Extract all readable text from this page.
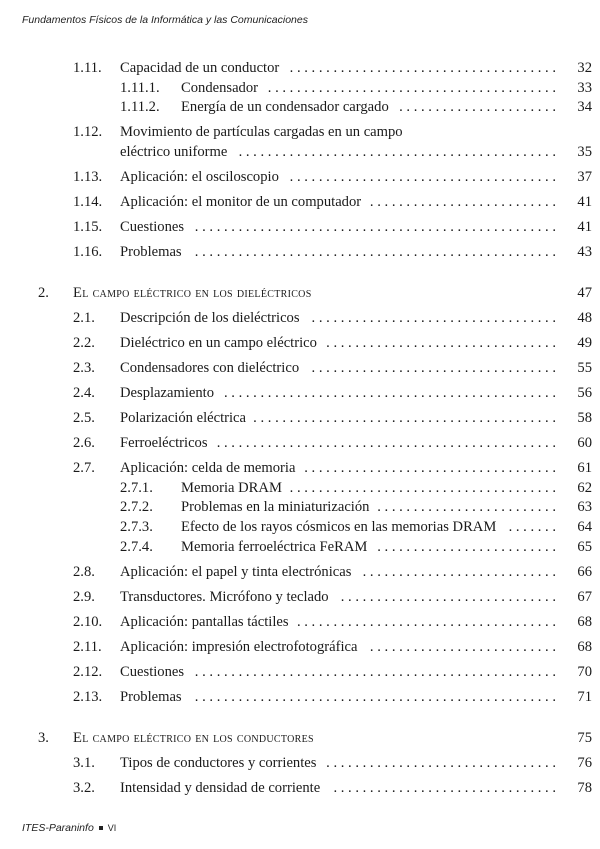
Fundamentos Físicos de la Informática y las Comunicaciones
1.11. Capacidad de un conductor . . . . . . . . . . . . . . . . . . . . . . . . . . . . . . . . . . . . . 32
1.11.1. Condensador . . . . . . . . . . . . . . . . . . . . . . . . . . . . . . . . . . . . . . . . 33
1.11.2. Energía de un condensador cargado . . . . . . . . . . . . . . . . . . . . . . 34
1.12. Movimiento de partículas cargadas en un campo
eléctrico uniforme . . . . . . . . . . . . . . . . . . . . . . . . . . . . . . . . . . . . . . . . . . . . 35
1.13. Aplicación: el osciloscopio . . . . . . . . . . . . . . . . . . . . . . . . . . . . . . . . . . . . . 37
1.14. Aplicación: el monitor de un computador . . . . . . . . . . . . . . . . . . . . . . . . . . 41
1.15. Cuestiones . . . . . . . . . . . . . . . . . . . . . . . . . . . . . . . . . . . . . . . . . . . . . . . . . . 41
1.16. Problemas . . . . . . . . . . . . . . . . . . . . . . . . . . . . . . . . . . . . . . . . . . . . . . . . . . 43
2. El campo eléctrico en los dieléctricos	47
2.1. Descripción de los dieléctricos . . . . . . . . . . . . . . . . . . . . . . . . . . . . . . . . . . 48
2.2. Dieléctrico en un campo eléctrico . . . . . . . . . . . . . . . . . . . . . . . . . . . . . . . . 49
2.3. Condensadores con dieléctrico . . . . . . . . . . . . . . . . . . . . . . . . . . . . . . . . . . 55
2.4. Desplazamiento . . . . . . . . . . . . . . . . . . . . . . . . . . . . . . . . . . . . . . . . . . . . . . 56
2.5. Polarización eléctrica . . . . . . . . . . . . . . . . . . . . . . . . . . . . . . . . . . . . . . . . . . 58
2.6. Ferroeléctricos . . . . . . . . . . . . . . . . . . . . . . . . . . . . . . . . . . . . . . . . . . . . . . . 60
2.7. Aplicación: celda de memoria . . . . . . . . . . . . . . . . . . . . . . . . . . . . . . . . . . . 61
2.7.1. Memoria DRAM . . . . . . . . . . . . . . . . . . . . . . . . . . . . . . . . . . . . . 62
2.7.2. Problemas en la miniaturización . . . . . . . . . . . . . . . . . . . . . . . . . 63
2.7.3. Efecto de los rayos cósmicos en las memorias DRAM . . . . . . . 64
2.7.4. Memoria ferroeléctrica FeRAM . . . . . . . . . . . . . . . . . . . . . . . . . 65
2.8. Aplicación: el papel y tinta electrónicas . . . . . . . . . . . . . . . . . . . . . . . . . . . 66
2.9. Transductores. Micrófono y teclado . . . . . . . . . . . . . . . . . . . . . . . . . . . . . . 67
2.10. Aplicación: pantallas táctiles . . . . . . . . . . . . . . . . . . . . . . . . . . . . . . . . . . . . 68
2.11. Aplicación: impresión electrofotográfica . . . . . . . . . . . . . . . . . . . . . . . . . . 68
2.12. Cuestiones . . . . . . . . . . . . . . . . . . . . . . . . . . . . . . . . . . . . . . . . . . . . . . . . . . 70
2.13. Problemas . . . . . . . . . . . . . . . . . . . . . . . . . . . . . . . . . . . . . . . . . . . . . . . . . . 71
3. El campo eléctrico en los conductores	75
3.1. Tipos de conductores y corrientes . . . . . . . . . . . . . . . . . . . . . . . . . . . . . . . . 76
3.2. Intensidad y densidad de corriente . . . . . . . . . . . . . . . . . . . . . . . . . . . . . . . 78
ITES-Paraninfo VI
